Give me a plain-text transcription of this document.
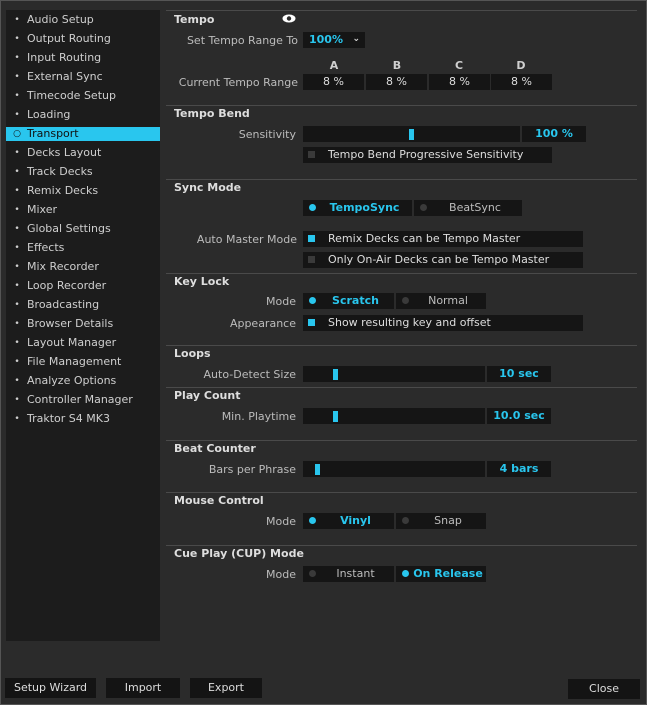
• Audio Setup
• Output Routing
• Input Routing
• External Sync
• Timecode Setup
• Loading
○ Transport
• Decks Layout
• Track Decks
• Remix Decks
• Mixer
• Global Settings
• Effects
• Mix Recorder
• Loop Recorder
• Broadcasting
• Browser Details
• Layout Manager
• File Management
• Analyze Options
• Controller Manager
• Traktor S4 MK3
Tempo
Set Tempo Range To	100% ⌄
A	B	C	D
Current Tempo Range	8 %	8 %	8 %	8 %
Tempo Bend
Sensitivity	100 %
Tempo Bend Progressive Sensitivity
Sync Mode
TempoSync	BeatSync
Auto Master Mode	Remix Decks can be Tempo Master
Only On-Air Decks can be Tempo Master
Key Lock
Mode	Scratch	Normal
Appearance	Show resulting key and offset
Loops
Auto-Detect Size	10 sec
Play Count
Min. Playtime	10.0 sec
Beat Counter
Bars per Phrase	4 bars
Mouse Control
Mode	Vinyl	Snap
Cue Play (CUP) Mode
Mode	Instant	On Release
Setup Wizard	Import	Export	Close
